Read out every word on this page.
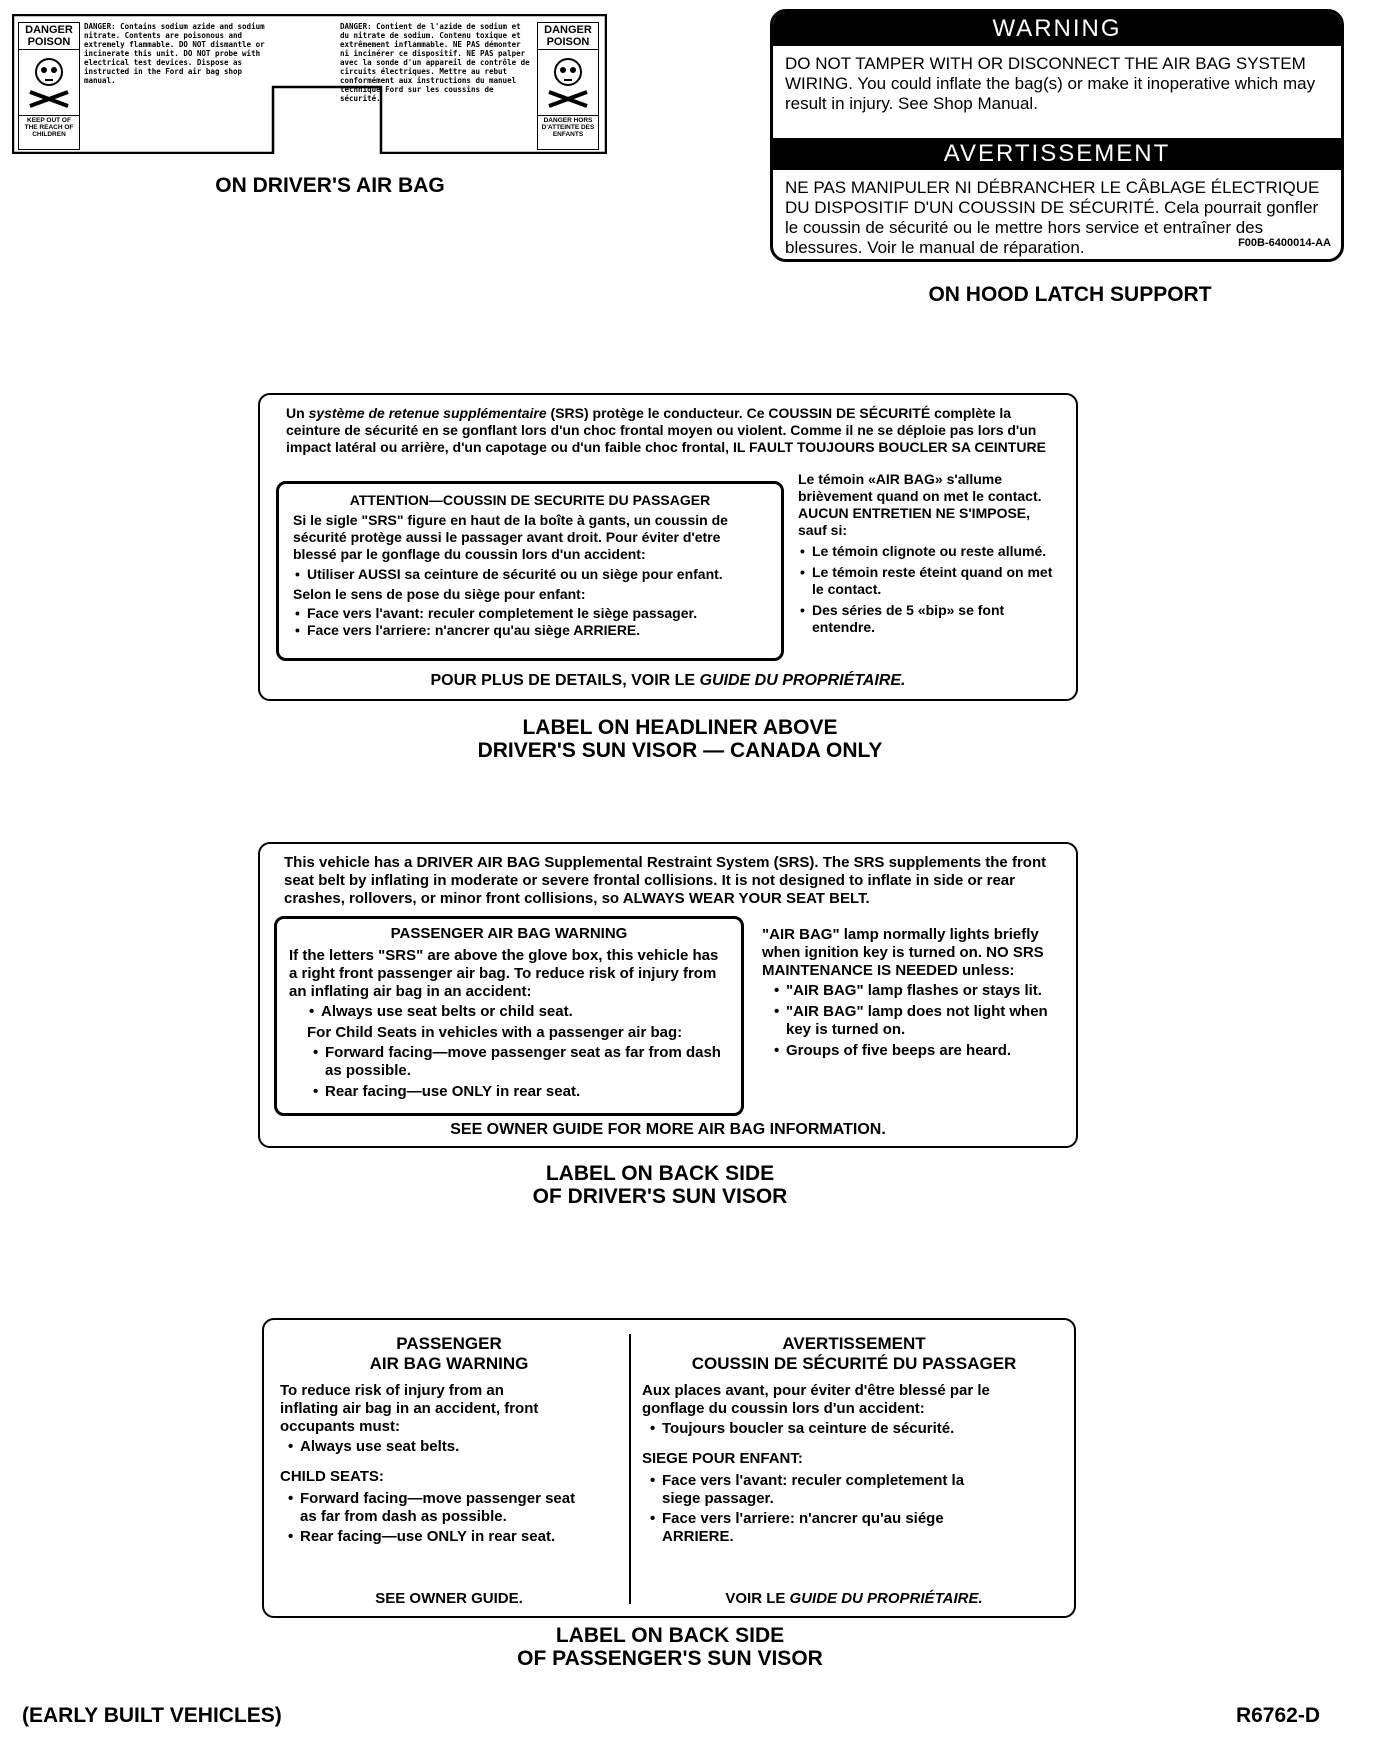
DANGER
POISON
KEEP OUT OF THE REACH OF CHILDREN
DANGER: Contains sodium azide and sodium nitrate. Contents are poisonous and extremely flammable. DO NOT dismantle or incinerate this unit. DO NOT probe with electrical test devices. Dispose as instructed in the Ford air bag shop manual.
DANGER: Contient de l'azide de sodium et du nitrate de sodium. Contenu toxique et extrêmement inflammable. NE PAS démonter ni incinérer ce dispositif. NE PAS palper avec la sonde d'un appareil de contrôle de circuits électriques. Mettre au rebut conformément aux instructions du manuel technique Ford sur les coussins de sécurité.
DANGER
POISON
DANGER HORS D'ATTEINTE DES ENFANTS
ON DRIVER'S AIR BAG
WARNING
DO NOT TAMPER WITH OR DISCONNECT THE AIR BAG SYSTEM WIRING. You could inflate the bag(s) or make it inoperative which may result in injury. See Shop Manual.
AVERTISSEMENT
NE PAS MANIPULER NI DÉBRANCHER LE CÂBLAGE ÉLECTRIQUE DU DISPOSITIF D'UN COUSSIN DE SÉCURITÉ. Cela pourrait gonfler le coussin de sécurité ou le mettre hors service et entraîner des blessures. Voir le manual de réparation.	F00B-6400014-AA
ON HOOD LATCH SUPPORT
Un système de retenue supplémentaire (SRS) protège le conducteur. Ce COUSSIN DE SÉCURITÉ complète la ceinture de sécurité en se gonflant lors d'un choc frontal moyen ou violent. Comme il ne se déploie pas lors d'un impact latéral ou arrière, d'un capotage ou d'un faible choc frontal, IL FAULT TOUJOURS BOUCLER SA CEINTURE
ATTENTION—COUSSIN DE SECURITE DU PASSAGER
Si le sigle "SRS" figure en haut de la boîte à gants, un coussin de sécurité protège aussi le passager avant droit. Pour éviter d'etre blessé par le gonflage du coussin lors d'un accident:
• Utiliser AUSSI sa ceinture de sécurité ou un siège pour enfant.
Selon le sens de pose du siège pour enfant:
• Face vers l'avant: reculer completement le siège passager.
• Face vers l'arriere: n'ancrer qu'au siège ARRIERE.
Le témoin «AIR BAG» s'allume brièvement quand on met le contact. AUCUN ENTRETIEN NE S'IMPOSE, sauf si:
• Le témoin clignote ou reste allumé.
• Le témoin reste éteint quand on met le contact.
• Des séries de 5 «bip» se font entendre.
POUR PLUS DE DETAILS, VOIR LE GUIDE DU PROPRIÉTAIRE.
LABEL ON HEADLINER ABOVE
DRIVER'S SUN VISOR — CANADA ONLY
This vehicle has a DRIVER AIR BAG Supplemental Restraint System (SRS). The SRS supplements the front seat belt by inflating in moderate or severe frontal collisions. It is not designed to inflate in side or rear crashes, rollovers, or minor front collisions, so ALWAYS WEAR YOUR SEAT BELT.
PASSENGER AIR BAG WARNING
If the letters "SRS" are above the glove box, this vehicle has a right front passenger air bag. To reduce risk of injury from an inflating air bag in an accident:
• Always use seat belts or child seat.
For Child Seats in vehicles with a passenger air bag:
• Forward facing—move passenger seat as far from dash as possible.
• Rear facing—use ONLY in rear seat.
"AIR BAG" lamp normally lights briefly when ignition key is turned on. NO SRS MAINTENANCE IS NEEDED unless:
• "AIR BAG" lamp flashes or stays lit.
• "AIR BAG" lamp does not light when key is turned on.
• Groups of five beeps are heard.
SEE OWNER GUIDE FOR MORE AIR BAG INFORMATION.
LABEL ON BACK SIDE
OF DRIVER'S SUN VISOR
PASSENGER
AIR BAG WARNING
To reduce risk of injury from an inflating air bag in an accident, front occupants must:
• Always use seat belts.
CHILD SEATS:
• Forward facing—move passenger seat as far from dash as possible.
• Rear facing—use ONLY in rear seat.
SEE OWNER GUIDE.
AVERTISSEMENT
COUSSIN DE SÉCURITÉ DU PASSAGER
Aux places avant, pour éviter d'être blessé par le gonflage du coussin lors d'un accident:
• Toujours boucler sa ceinture de sécurité.
SIEGE POUR ENFANT:
• Face vers l'avant: reculer completement la siege passager.
• Face vers l'arriere: n'ancrer qu'au siége ARRIERE.
VOIR LE GUIDE DU PROPRIÉTAIRE.
LABEL ON BACK SIDE
OF PASSENGER'S SUN VISOR
(EARLY BUILT VEHICLES)	R6762-D
